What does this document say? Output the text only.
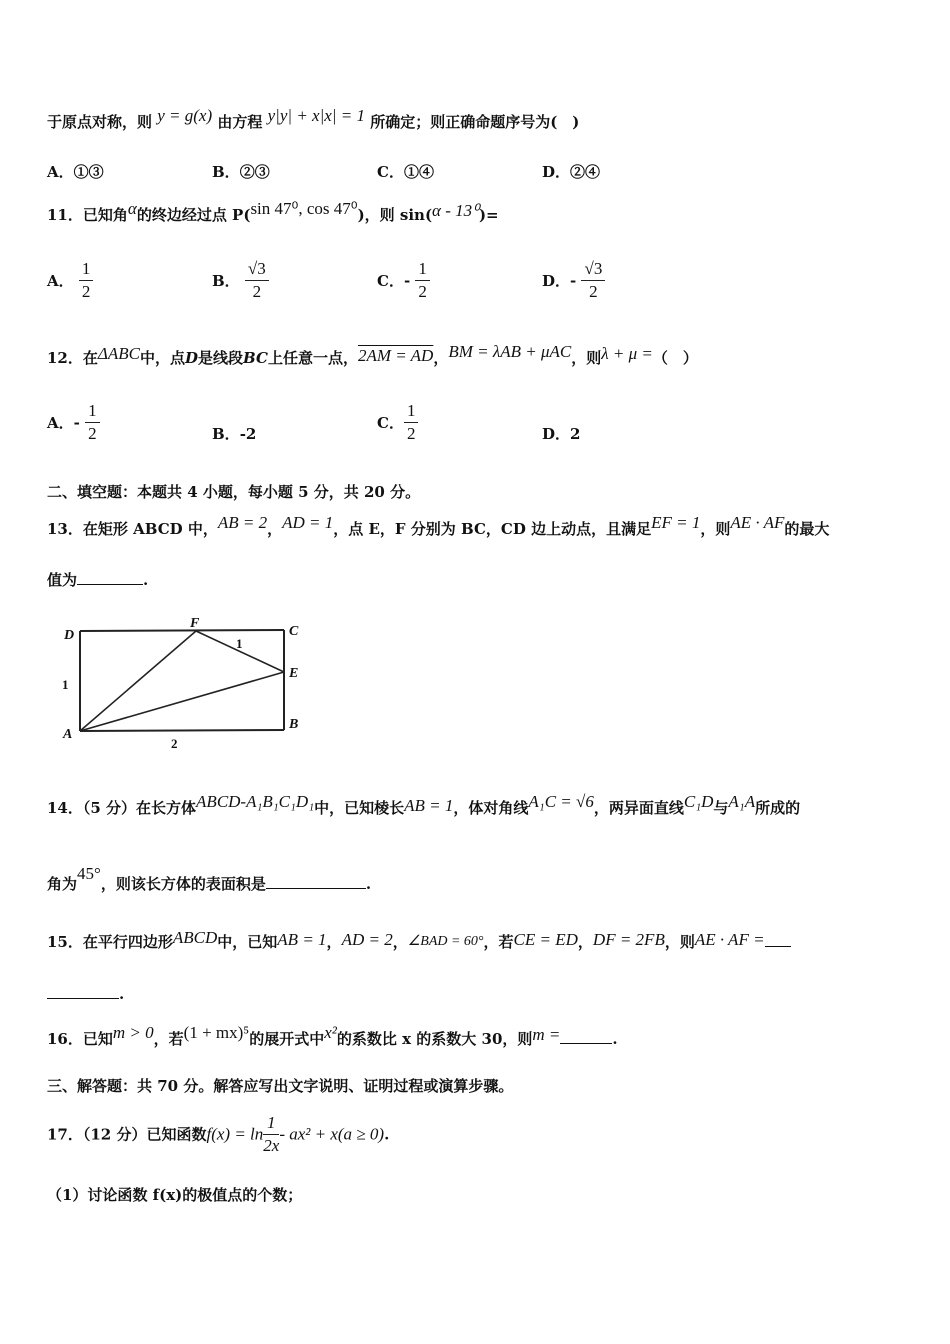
于原点对称，则 y = g(x) 由方程 y|y| + x|x| = 1 所确定；则正确命题序号为(　)
A．①③	B．②③	C．①④	D．②④
11．已知角α的终边经过点 P(sin 47⁰, cos 47⁰)，则 sin(α - 13⁰)=
A． $\frac{1}{2}$	B． $\frac{√3}{2}$	C．- $\frac{1}{2}$	D．- $\frac{√3}{2}$
12．在ΔABC中，点D是线段BC上任意一点，2AM = AD，BM = λAB + μAC，则λ + μ =（　）
A．- $\frac{1}{2}$	B．-2
C． $\frac{1}{2}$	D．2
二、填空题：本题共 4 小题，每小题 5 分，共 20 分。
13．在矩形 ABCD 中，AB = 2，AD = 1，点 E，F 分别为 BC，CD 边上动点，且满足EF = 1，则AE · AF的最大
值为	.
D
F
C
E
B
A
1
2
1
14．（5 分）在长方体ABCD-A₁B₁C₁D₁中，已知棱长AB = 1，体对角线A₁C = √6，两异面直线C₁D与A₁A所成的
角为45°，则该长方体的表面积是	.
15．在平行四边形ABCD中，已知AB = 1，AD = 2，∠BAD = 60°，若CE = ED，DF = 2FB，则AE · AF =
.
16．已知m > 0，若(1 + mx)⁵的展开式中x²的系数比 x 的系数大 30，则m =	.
三、解答题：共 70 分。解答应写出文字说明、证明过程或演算步骤。
17．（12 分）已知函数$f(x) = \ln \frac{1}{2x} - ax^2 + x(a \ge 0)$.
（1）讨论函数 f(x)的极值点的个数；
